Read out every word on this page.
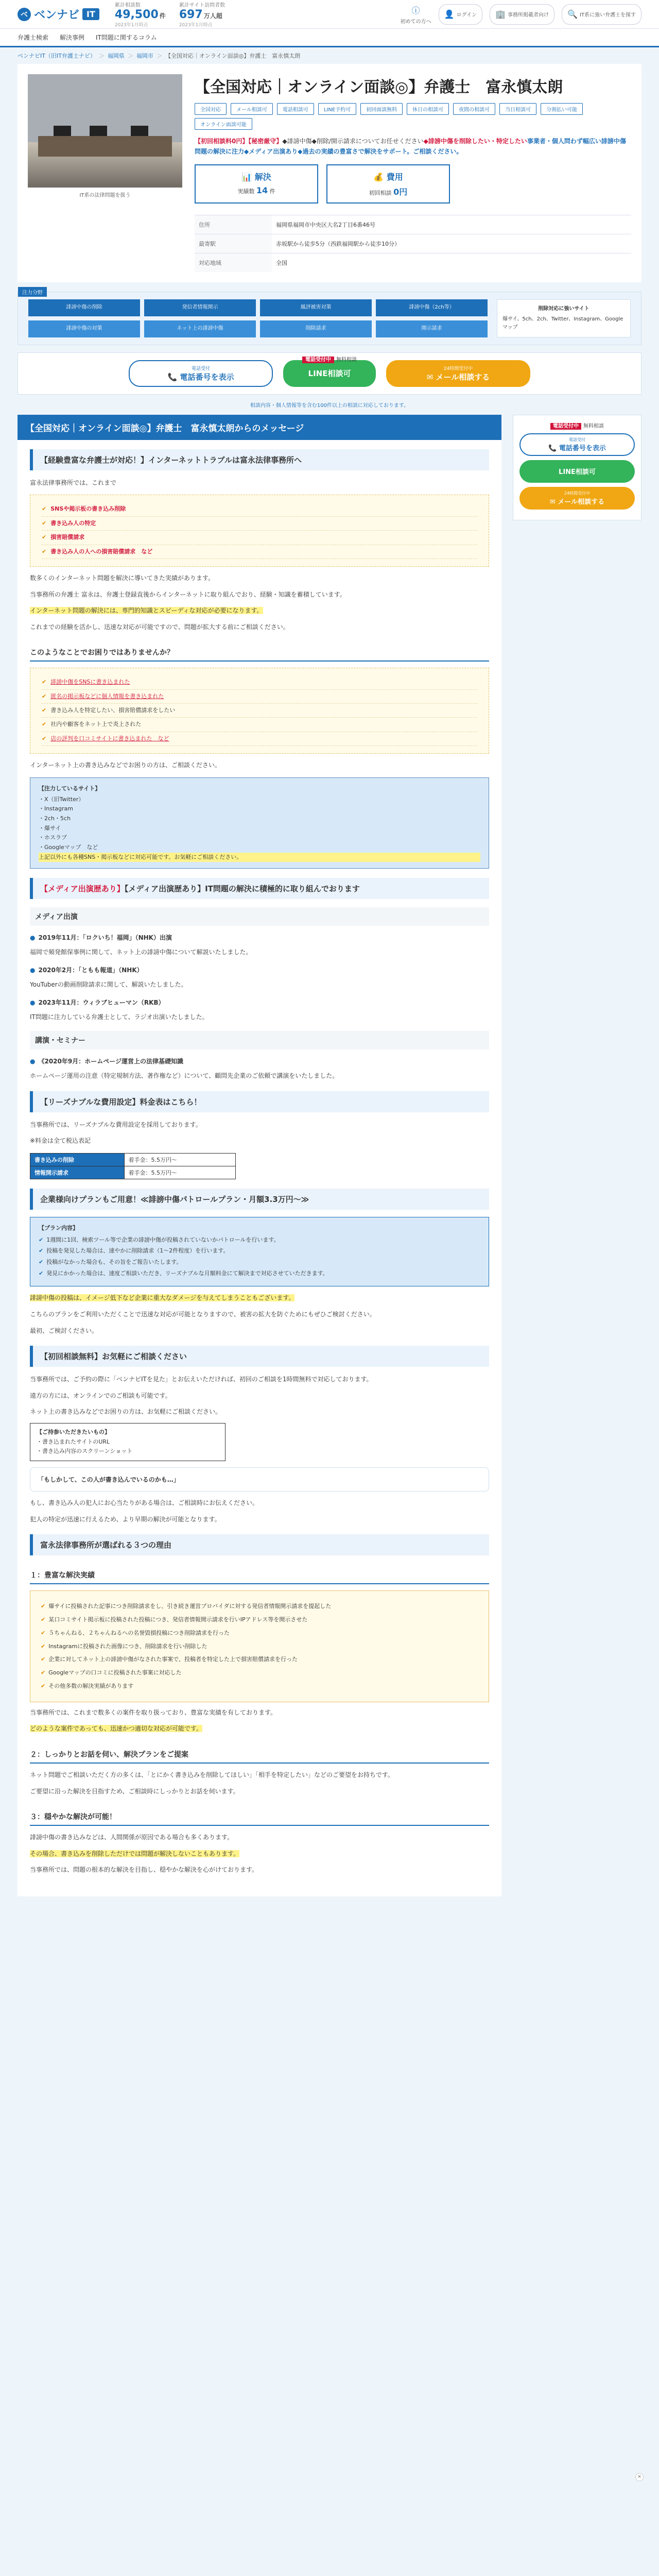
ベ ベンナビ IT
累計相談数
49,500 件
2023年1月時点
累計サイト訪問者数
697 万人超
2023年1月時点
ⓘ
初めての方へ
👤 ログイン 🏢 事務所掲載者向け 🔍 IT系に強い弁護士を探す
弁護士検索 解決事例 IT問題に関するコラム
ベンナビIT（旧IT弁護士ナビ） ＞ 福岡県 ＞ 福岡市 ＞ 【全国対応｜オンライン面談◎】弁護士　富永慎太朗

IT系の法律問題を扱う

【全国対応｜オンライン面談◎】弁護士　富永慎太朗
全国対応	メール相談可	電話相談可	LINE予約可	初回面談無料	休日の相談可	夜間の相談可	当日相談可	分割払い可能
オンライン面談可能
【初回相談料0円】【秘密厳守】◆誹謗中傷◆削除/開示請求についてお任せください◆誹謗中傷を削除したい・特定したい事業者・個人問わず幅広い誹謗中傷問題の解決に注力◆メディア出演あり◆過去の実績の豊富さで解決をサポート。ご相談ください。
📊 解決
実績数 14 件
💰 費用
初回相談 0円
住所	福岡県福岡市中央区大名2丁目6番46号
最寄駅	赤坂駅から徒歩5分（西鉄福岡駅から徒歩10分）
対応地域	全国
注力分野
誹謗中傷の削除	発信者情報開示	風評被害対策	誹謗中傷（2ch等）
誹謗中傷の対策	ネット上の誹謗中傷	削除請求	開示請求
削除対応に強いサイト
爆サイ、5ch、2ch、Twitter、Instagram、Googleマップ
電話受付中 無料相談
電話受付
📞 電話番号を表示	LINE相談可
24時間受付中
✉ メール相談する
相談内容・個人情報等を含む100件以上の相談に対応しております。
【全国対応｜オンライン面談◎】弁護士　富永慎太朗からのメッセージ
【経験豊富な弁護士が対応！】インターネットトラブルは富永法律事務所へ

富永法律事務所では、これまで

✔ SNSや掲示板の書き込み削除
✔ 書き込み人の特定
✔ 損害賠償請求
✔ 書き込み人の人への損害賠償請求　など

数多くのインターネット問題を解決に導いてきた実績があります。

当事務所の弁護士 富永は、弁護士登録直後からインターネットに取り組んでおり、経験・知識を蓄積しています。

インターネット問題の解決には、専門的知識とスピーディな対応が必要になります。

これまでの経験を活かし、迅速な対応が可能ですので、問題が拡大する前にご相談ください。

このようなことでお困りではありませんか？
✔ 誹謗中傷をSNSに書き込まれた
✔ 匿名の掲示板などに個人情報を書き込まれた
✔ 書き込み人を特定したい、損害賠償請求をしたい
✔ 社内や顧客をネット上で炎上された
✔ 店の評判を口コミサイトに書き込まれた　など

インターネット上の書き込みなどでお困りの方は、ご相談ください。

【注力しているサイト】
・X（旧Twitter）
・Instagram
・2ch・5ch
・爆サイ
・ホスラブ
・Googleマップ　など
上記以外にも各種SNS・掲示板などに対応可能です。お気軽にご相談ください。
【メディア出演歴あり】【メディア出演歴あり】IT問題の解決に積極的に取り組んでおります
メディア出演
● 2019年11月：「ロクいち！福岡」（NHK）出演

福岡で頻発館保事例に関して、ネット上の誹謗中傷について解説いたしました。

● 2020年2月：「ともも報道」（NHK）

YouTuberの動画削除請求に関して、解説いたしました。

● 2023年11月：ウィラブヒューマン（RKB）

IT問題に注力している弁護士として、ラジオ出演いたしました。

講演・セミナー
● 《2020年9月：ホームページ運営上の法律基礎知識

ホームページ運用の注意（特定規制方法、著作権など）について、顧問先企業のご依頼で講演をいたしました。

【リーズナブルな費用設定】料金表はこちら！

当事務所では、リーズナブルな費用設定を採用しております。

※料金は全て税込表記

書き込みの削除	着手金：5.5万円～
情報開示請求	着手金：5.5万円～
企業様向けプランもご用意！≪誹謗中傷パトロールプラン・月額3.3万円～≫
【プラン内容】
✔ 1週間に1回、検索ツール等で企業の誹謗中傷が投稿されていないかパトロールを行います。
✔ 投稿を発見した場合は、速やかに削除請求（1～2件程度）を行います。
✔ 投稿がなかった場合も、その旨をご報告いたします。
✔ 発見にかかった場合は、速度ご相談いただき、リーズナブルな月額料金にて解決まで対応させていただきます。

誹謗中傷の投稿は、イメージ低下など企業に重大なダメージを与えてしまうこともございます。

こちらのプランをご利用いただくことで迅速な対応が可能となりますので、被害の拡大を防ぐためにもぜひご検討ください。

最初、ご検討ください。

【初回相談無料】お気軽にご相談ください

当事務所では、ご予約の際に「ベンナビITを見た」とお伝えいただければ、初回のご相談を1時間無料で対応しております。

遠方の方には、オンラインでのご相談も可能です。

ネット上の書き込みなどでお困りの方は、お気軽にご相談ください。

【ご持参いただきたいもの】
・書き込まれたサイトのURL
・書き込み内容のスクリーンショット
「もしかして、この人が書き込んでいるのかも…」

もし、書き込み人の犯人にお心当たりがある場合は、ご相談時にお伝えください。

犯人の特定が迅速に行えるため、より早期の解決が可能となります。

富永法律事務所が選ばれる３つの理由
１：豊富な解決実績
✔ 爆サイに投稿された記事につき削除請求をし、引き続き運営プロバイダに対する発信者情報開示請求を提起した
✔ 某口コミサイト掲示板に投稿された投稿につき、発信者情報開示請求を行いIPアドレス等を開示させた
✔ ５ちゃんねる、２ちゃんねるへの名誉毀損投稿につき削除請求を行った
✔ Instagramに投稿された画像につき、削除請求を行い削除した
✔ 企業に対してネット上の誹謗中傷がなされた事案で、投稿者を特定した上で損害賠償請求を行った
✔ Googleマップの口コミに投稿された事案に対応した
✔ その他多数の解決実績があります

当事務所では、これまで数多くの案件を取り扱っており、豊富な実績を有しております。

どのような案件であっても、迅速かつ適切な対応が可能です。

２：しっかりとお話を伺い、解決プランをご提案

ネット問題でご相談いただく方の多くは、「とにかく書き込みを削除してほしい」「相手を特定したい」などのご要望をお持ちです。

ご要望に沿った解決を目指すため、ご相談時にしっかりとお話を伺います。

３：穏やかな解決が可能！

誹謗中傷の書き込みなどは、人間関係が原因である場合も多くあります。

その場合、書き込みを削除しただけでは問題が解決しないこともあります。

当事務所では、問題の根本的な解決を目指し、穏やかな解決を心がけております。

電話受付中 無料相談
電話受付
📞 電話番号を表示
LINE相談可
24時間受付中
✉ メール相談する
✕
